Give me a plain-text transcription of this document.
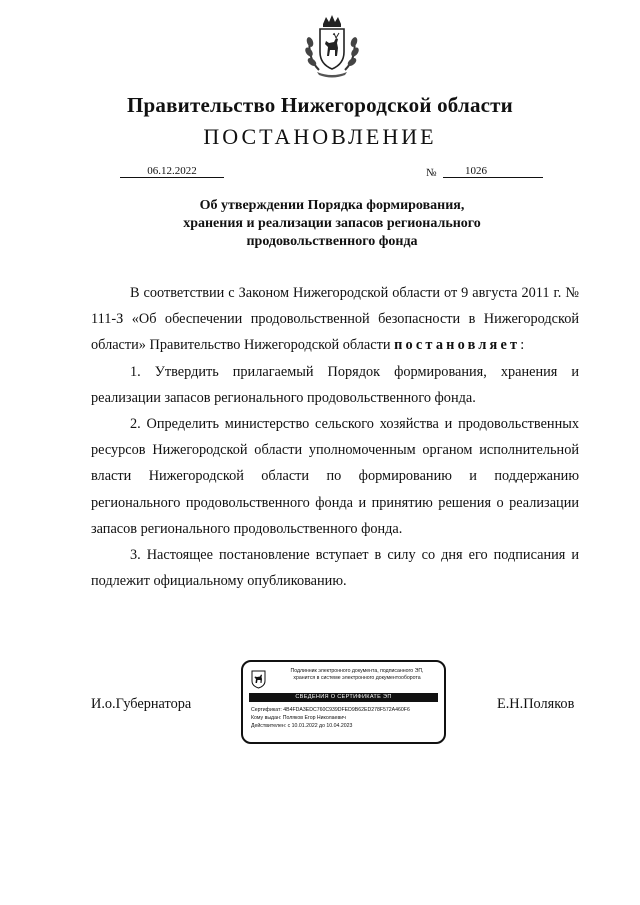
Правительство Нижегородской области
ПОСТАНОВЛЕНИЕ
06.12.2022	№	1026
Об утверждении Порядка формирования,
хранения и реализации запасов регионального
продовольственного фонда

В соответствии с Законом Нижегородской области от 9 августа 2011 г. № 111-З «Об обеспечении продовольственной безопасности в Нижегородской области» Правительство Нижегородской области постановляет:

1. Утвердить прилагаемый Порядок формирования, хранения и реализации запасов регионального продовольственного фонда.

2. Определить министерство сельского хозяйства и продовольственных ресурсов Нижегородской области уполномоченным органом исполнительной власти Нижегородской области по формированию и поддержанию регионального продовольственного фонда и принятию решения о реализации запасов регионального продовольственного фонда.

3. Настоящее постановление вступает в силу со дня его подписания и подлежит официальному опубликованию.

И.о.Губернатора	Е.Н.Поляков
Подлинник электронного документа, подписанного ЭП,
хранится в системе электронного документооборота
СВЕДЕНИЯ О СЕРТИФИКАТЕ ЭП
Сертификат: 4B4FDA3EDC760C939DFED9B62ED278F572A460F6
Кому выдан: Поляков Егор Николаевич
Действителен: с 10.01.2022 до 10.04.2023
